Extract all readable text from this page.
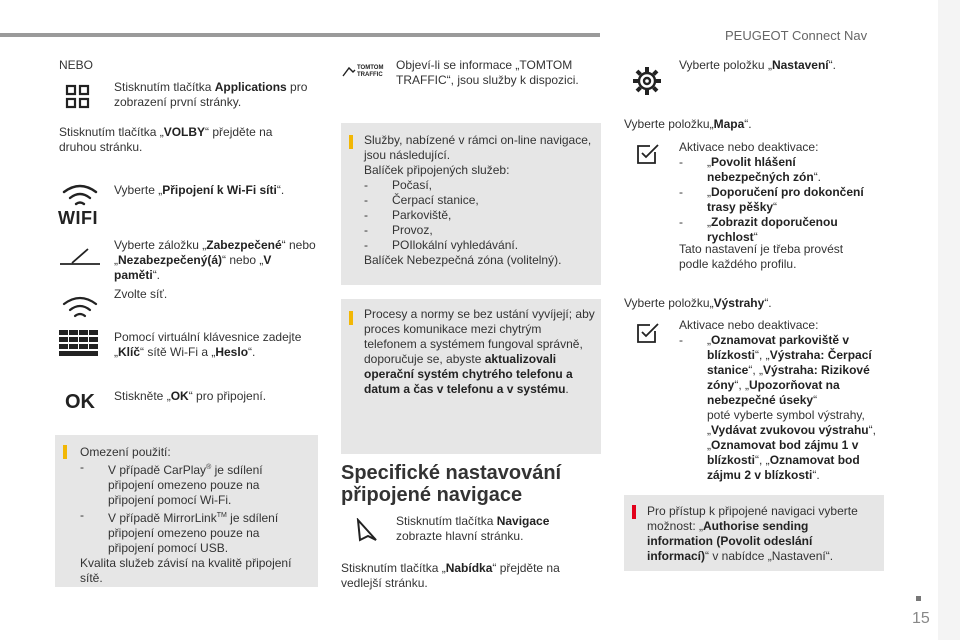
PEUGEOT Connect Nav
15
NEBO

Stisknutím tlačítka Applications pro zobrazení první stránky.

Stisknutím tlačítka „VOLBY“ přejděte na druhou stránku.

WIFI

Vyberte „Připojení k Wi-Fi síti“.

Vyberte záložku „Zabezpečené“ nebo „Nezabezpečený(á)“ nebo „V paměti“.

Zvolte síť.

Pomocí virtuální klávesnice zadejte „Klíč“ sítě Wi-Fi a „Heslo“.

OK Stiskněte „OK“ pro připojení.

Omezení použití:

- V případě CarPlay® je sdílení připojení omezeno pouze na připojení pomocí Wi-Fi.
- V případě MirrorLink™ je sdílení připojení omezeno pouze na připojení pomocí USB.

Kvalita služeb závisí na kvalitě připojení sítě.

TOMTOM
TRAFFIC

Objeví-li se informace „TOMTOM TRAFFIC“, jsou služby k dispozici.

Služby, nabízené v rámci on-line navigace, jsou následující.

Balíček připojených služeb:

- Počasí,
- Čerpací stanice,
- Parkoviště,
- Provoz,
- POIlokální vyhledávání.

Balíček Nebezpečná zóna (volitelný).

Procesy a normy se bez ustání vyvíjejí; aby proces komunikace mezi chytrým telefonem a systémem fungoval správně, doporučuje se, abyste aktualizovali operační systém chytrého telefonu a datum a čas v telefonu a v systému.

Specifické nastavování
připojené navigace

Stisknutím tlačítka Navigace zobrazte hlavní stránku.

Stisknutím tlačítka „Nabídka“ přejděte na vedlejší stránku.

Vyberte položku „Nastavení“.

Vyberte položku„Mapa“.

Aktivace nebo deaktivace:

- „Povolit hlášení nebezpečných zón“.
- „Doporučení pro dokončení trasy pěšky“
- „Zobrazit doporučenou rychlost“

Tato nastavení je třeba provést podle každého profilu.

Vyberte položku„Výstrahy“.

Aktivace nebo deaktivace:

- „Oznamovat parkoviště v blízkosti“, „Výstraha: Čerpací stanice“, „Výstraha: Rizikové zóny“, „Upozorňovat na nebezpečné úseky“

poté vyberte symbol výstrahy, „Vydávat zvukovou výstrahu“, „Oznamovat bod zájmu 1 v blízkosti“, „Oznamovat bod zájmu 2 v blízkosti“.

Pro přístup k připojené navigaci vyberte možnost: „Authorise sending information (Povolit odeslání informací)“ v nabídce „Nastavení“.
